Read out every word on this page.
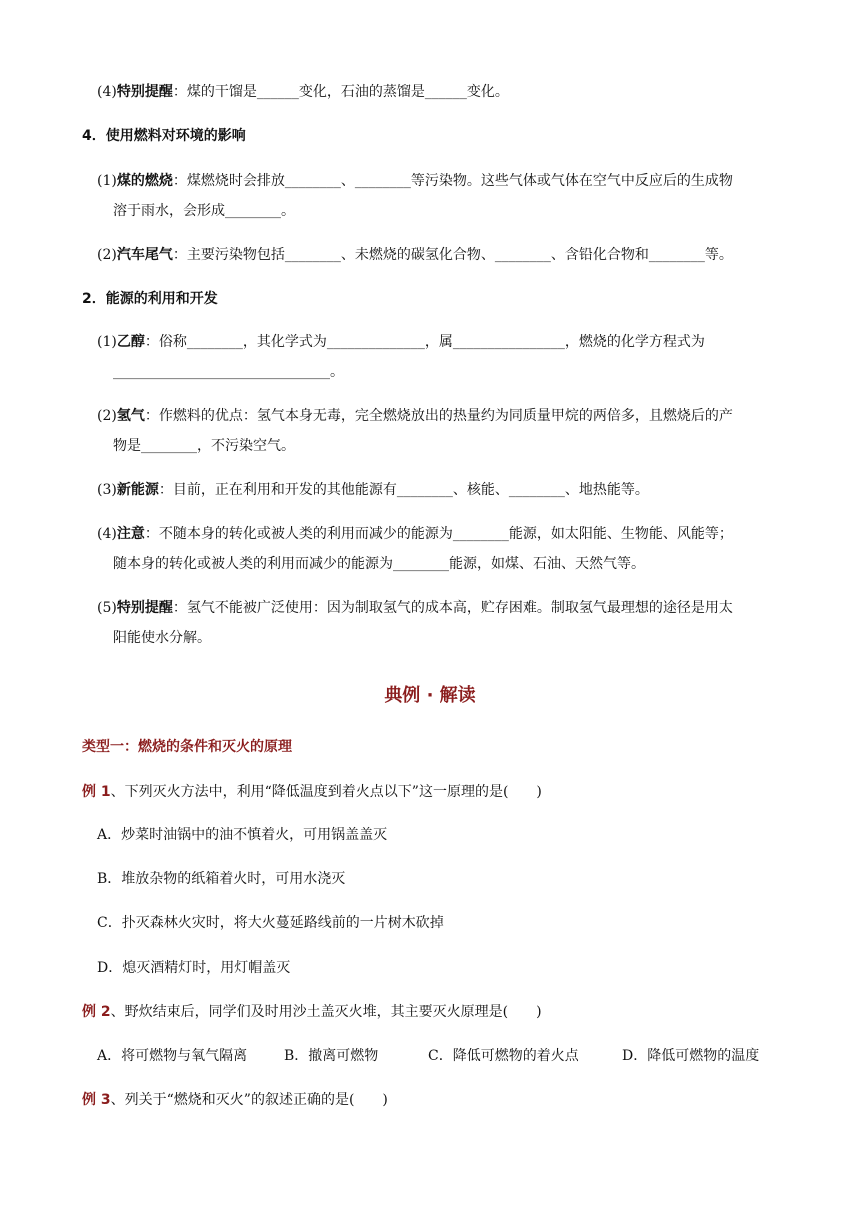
(4)特别提醒：煤的干馏是______变化，石油的蒸馏是______变化。
4．使用燃料对环境的影响
(1)煤的燃烧：煤燃烧时会排放________、________等污染物。这些气体或气体在空气中反应后的生成物
溶于雨水，会形成________。
(2)汽车尾气：主要污染物包括________、未燃烧的碳氢化合物、________、含铅化合物和________等。
2．能源的利用和开发
(1)乙醇：俗称________，其化学式为______________，属________________，燃烧的化学方程式为
_______________________________。
(2)氢气：作燃料的优点：氢气本身无毒，完全燃烧放出的热量约为同质量甲烷的两倍多，且燃烧后的产
物是________，不污染空气。
(3)新能源：目前，正在利用和开发的其他能源有________、核能、________、地热能等。
(4)注意：不随本身的转化或被人类的利用而减少的能源为________能源，如太阳能、生物能、风能等；
随本身的转化或被人类的利用而减少的能源为________能源，如煤、石油、天然气等。
(5)特别提醒：氢气不能被广泛使用：因为制取氢气的成本高，贮存困难。制取氢气最理想的途径是用太
阳能使水分解。
典例 · 解读
类型一：燃烧的条件和灭火的原理
例 1、下列灭火方法中，利用“降低温度到着火点以下”这一原理的是(　　)
A．炒菜时油锅中的油不慎着火，可用锅盖盖灭
B．堆放杂物的纸箱着火时，可用水浇灭
C．扑灭森林火灾时，将大火蔓延路线前的一片树木砍掉
D．熄灭酒精灯时，用灯帽盖灭
例 2、野炊结束后，同学们及时用沙土盖灭火堆，其主要灭火原理是(　　)
A．将可燃物与氧气隔离	B．撤离可燃物	C．降低可燃物的着火点	D．降低可燃物的温度
例 3、列关于“燃烧和灭火”的叙述正确的是(　　)
